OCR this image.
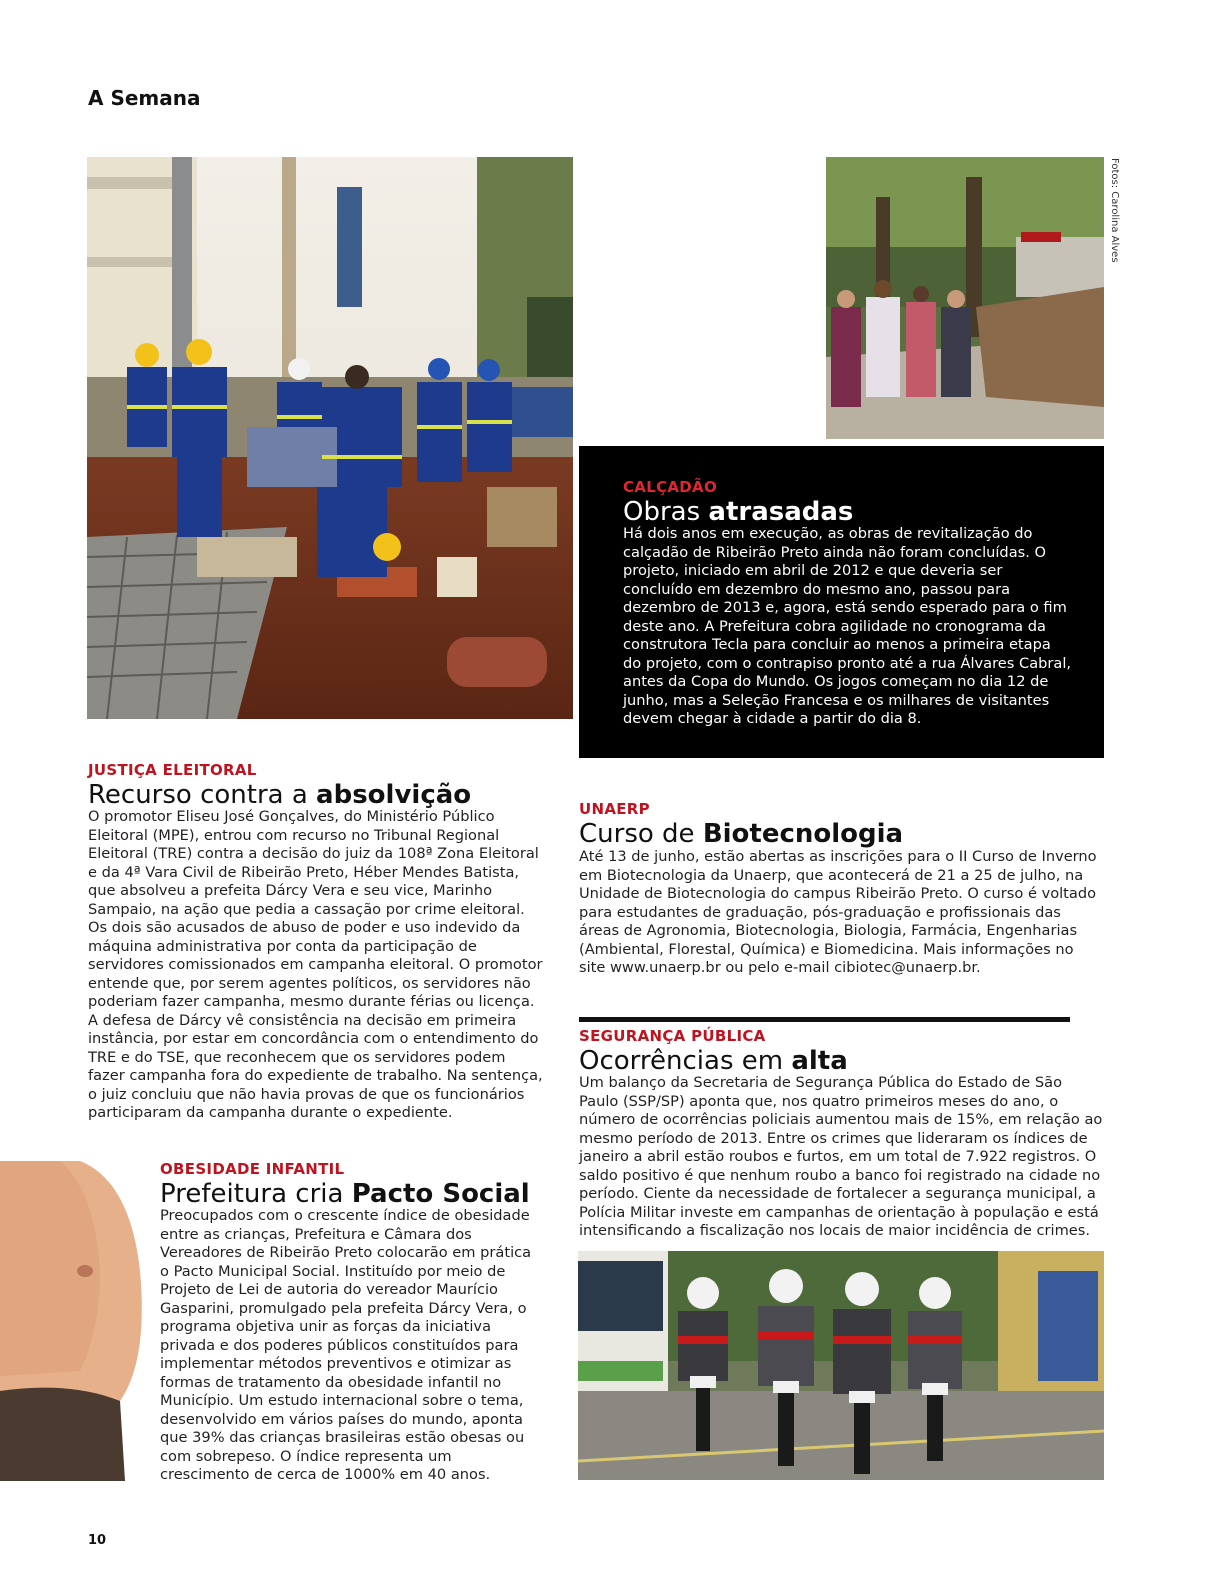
A Semana
Fotos: Carolina Alves
CALÇADÃO
Obras atrasadas
Há dois anos em execução, as obras de revitalização do calçadão de Ribeirão Preto ainda não foram concluídas. O projeto, iniciado em abril de 2012 e que deveria ser concluído em dezembro do mesmo ano, passou para dezembro de 2013 e, agora, está sendo esperado para o fim deste ano. A Prefeitura cobra agilidade no cronograma da construtora Tecla para concluir ao menos a primeira etapa do projeto, com o contrapiso pronto até a rua Álvares Cabral, antes da Copa do Mundo. Os jogos começam no dia 12 de junho, mas a Seleção Francesa e os milhares de visitantes devem chegar à cidade a partir do dia 8.
JUSTIÇA ELEITORAL
Recurso contra a absolvição
O promotor Eliseu José Gonçalves, do Ministério Público Eleitoral (MPE), entrou com recurso no Tribunal Regional Eleitoral (TRE) contra a decisão do juiz da 108ª Zona Eleitoral e da 4ª Vara Civil de Ribeirão Preto, Héber Mendes Batista, que absolveu a prefeita Dárcy Vera e seu vice, Marinho Sampaio, na ação que pedia a cassação por crime eleitoral. Os dois são acusados de abuso de poder e uso indevido da máquina administrativa por conta da participação de servidores comissionados em campanha eleitoral. O promotor entende que, por serem agentes políticos, os servidores não poderiam fazer campanha, mesmo durante férias ou licença. A defesa de Dárcy vê consistência na decisão em primeira instância, por estar em concordância com o entendimento do TRE e do TSE, que reconhecem que os servidores podem fazer campanha fora do expediente de trabalho. Na sentença, o juiz concluiu que não havia provas de que os funcionários participaram da campanha durante o expediente.
UNAERP
Curso de Biotecnologia
Até 13 de junho, estão abertas as inscrições para o II Curso de Inverno em Biotecnologia da Unaerp, que acontecerá de 21 a 25 de julho, na Unidade de Biotecnologia do campus Ribeirão Preto. O curso é voltado para estudantes de graduação, pós-graduação e profissionais das áreas de Agronomia, Biotecnologia, Biologia, Farmácia, Engenharias (Ambiental, Florestal, Química) e Biomedicina. Mais informações no site www.unaerp.br ou pelo e-mail cibiotec@unaerp.br.
SEGURANÇA PÚBLICA
Ocorrências em alta
Um balanço da Secretaria de Segurança Pública do Estado de São Paulo (SSP/SP) aponta que, nos quatro primeiros meses do ano, o número de ocorrências policiais aumentou mais de 15%, em relação ao mesmo período de 2013. Entre os crimes que lideraram os índices de janeiro a abril estão roubos e furtos, em um total de 7.922 registros. O saldo positivo é que nenhum roubo a banco foi registrado na cidade no período. Ciente da necessidade de fortalecer a segurança municipal, a Polícia Militar investe em campanhas de orientação à população e está intensificando a fiscalização nos locais de maior incidência de crimes.
OBESIDADE INFANTIL
Prefeitura cria Pacto Social
Preocupados com o crescente índice de obesidade entre as crianças, Prefeitura e Câmara dos Vereadores de Ribeirão Preto colocarão em prática o Pacto Municipal Social. Instituído por meio de Projeto de Lei de autoria do vereador Maurício Gasparini, promulgado pela prefeita Dárcy Vera, o programa objetiva unir as forças da iniciativa privada e dos poderes públicos constituídos para implementar métodos preventivos e otimizar as formas de tratamento da obesidade infantil no Município. Um estudo internacional sobre o tema, desenvolvido em vários países do mundo, aponta que 39% das crianças brasileiras estão obesas ou com sobrepeso. O índice representa um crescimento de cerca de 1000% em 40 anos.
10
